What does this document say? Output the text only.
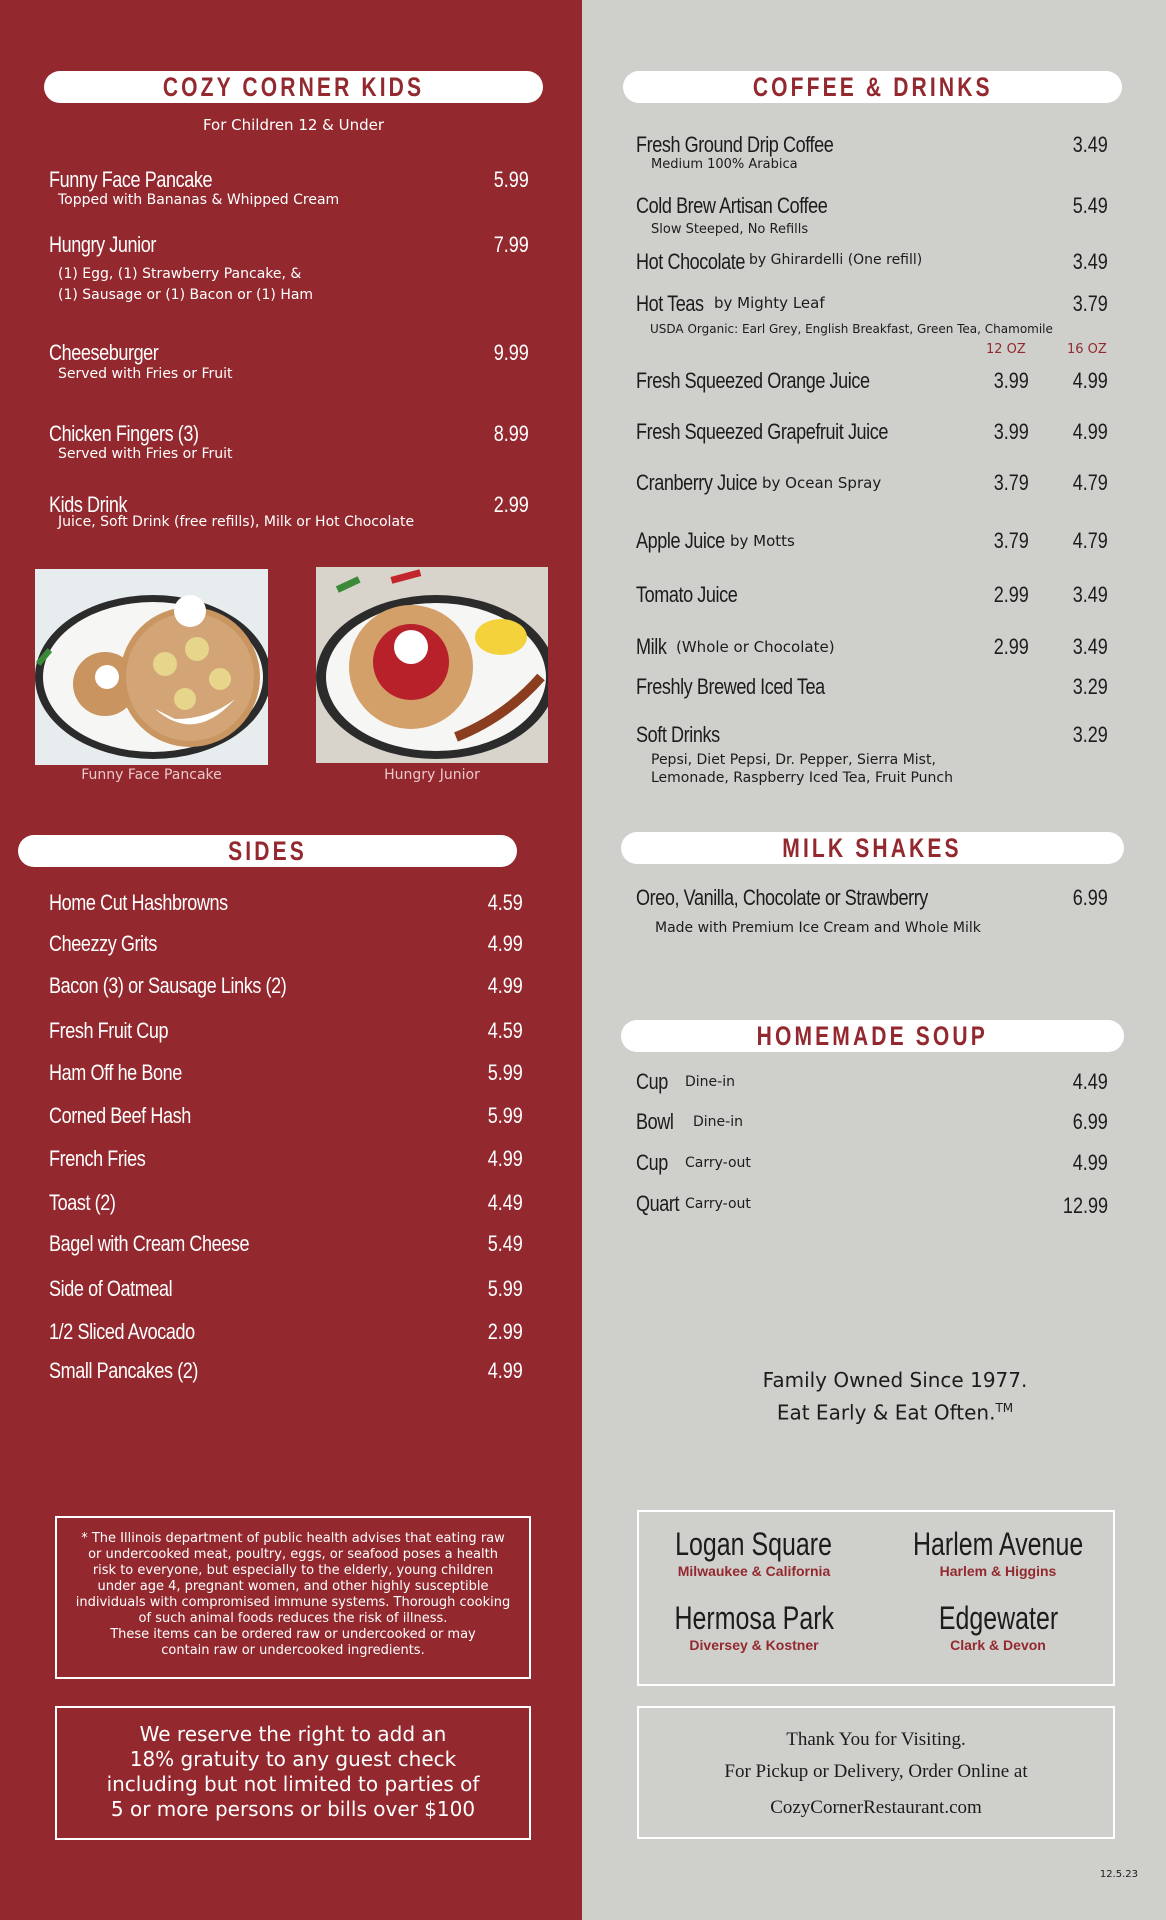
COZY CORNER KIDS
For Children 12 & Under
Funny Face Pancake	5.99
Topped with Bananas & Whipped Cream
Hungry Junior	7.99
(1) Egg, (1) Strawberry Pancake, &
(1) Sausage or (1) Bacon or (1) Ham
Cheeseburger	9.99
Served with Fries or Fruit
Chicken Fingers (3)	8.99
Served with Fries or Fruit
Kids Drink	2.99
Juice, Soft Drink (free refills), Milk or Hot Chocolate
Funny Face Pancake	Hungry Junior
SIDES
Home Cut Hashbrowns	4.59
Cheezzy Grits	4.99
Bacon (3) or Sausage Links (2)	4.99
Fresh Fruit Cup	4.59
Ham Off he Bone	5.99
Corned Beef Hash	5.99
French Fries	4.99
Toast (2)	4.49
Bagel with Cream Cheese	5.49
Side of Oatmeal	5.99
1/2 Sliced Avocado	2.99
Small Pancakes (2)	4.99
* The Illinois department of public health advises that eating raw
or undercooked meat, poultry, eggs, or seafood poses a health
risk to everyone, but especially to the elderly, young children
under age 4, pregnant women, and other highly susceptible
individuals with compromised immune systems. Thorough cooking
of such animal foods reduces the risk of illness.
These items can be ordered raw or undercooked or may
contain raw or undercooked ingredients.
We reserve the right to add an
18% gratuity to any guest check
including but not limited to parties of
5 or more persons or bills over $100
COFFEE & DRINKS
Fresh Ground Drip Coffee	3.49
Medium 100% Arabica
Cold Brew Artisan Coffee	5.49
Slow Steeped, No Refills
Hot Chocolate by Ghirardelli (One refill)	3.49
Hot Teas by Mighty Leaf	3.79
USDA Organic: Earl Grey, English Breakfast, Green Tea, Chamomile
12 OZ	16 OZ
Fresh Squeezed Orange Juice	3.99 4.99
Fresh Squeezed Grapefruit Juice	3.99 4.99
Cranberry Juice by Ocean Spray	3.79 4.79
Apple Juice by Motts	3.79 4.79
Tomato Juice	2.99 3.49
Milk (Whole or Chocolate)	2.99 3.49
Freshly Brewed Iced Tea	3.29
Soft Drinks	3.29
Pepsi, Diet Pepsi, Dr. Pepper, Sierra Mist,
Lemonade, Raspberry Iced Tea, Fruit Punch
MILK SHAKES
Oreo, Vanilla, Chocolate or Strawberry	6.99
Made with Premium Ice Cream and Whole Milk
HOMEMADE SOUP
Cup Dine-in	4.49
Bowl Dine-in	6.99
Cup Carry-out	4.99
Quart Carry-out	12.99
Family Owned Since 1977.
Eat Early & Eat Often.™
Logan Square
Milwaukee & California
Harlem Avenue
Harlem & Higgins
Hermosa Park
Diversey & Kostner
Edgewater
Clark & Devon
Thank You for Visiting.
For Pickup or Delivery, Order Online at
CozyCornerRestaurant.com
12.5.23
